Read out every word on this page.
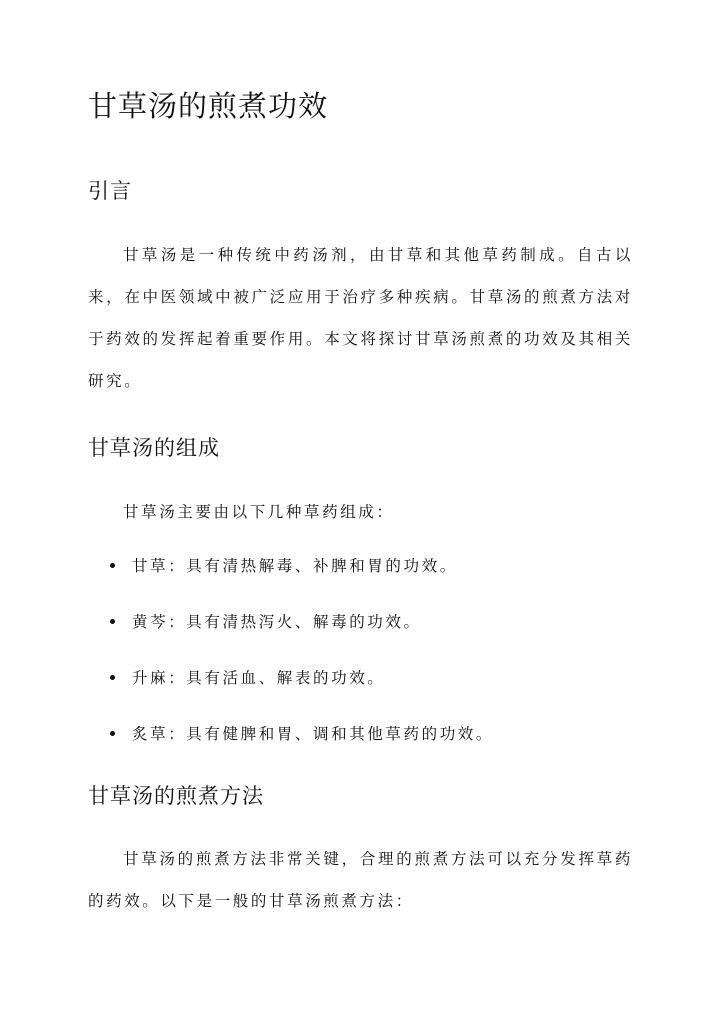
甘草汤的煎煮功效
引言

甘草汤是一种传统中药汤剂，由甘草和其他草药制成。自古以来，在中医领域中被广泛应用于治疗多种疾病。甘草汤的煎煮方法对于药效的发挥起着重要作用。本文将探讨甘草汤煎煮的功效及其相关研究。

甘草汤的组成

甘草汤主要由以下几种草药组成：

甘草：具有清热解毒、补脾和胃的功效。
黄芩：具有清热泻火、解毒的功效。
升麻：具有活血、解表的功效。
炙草：具有健脾和胃、调和其他草药的功效。
甘草汤的煎煮方法

甘草汤的煎煮方法非常关键，合理的煎煮方法可以充分发挥草药的药效。以下是一般的甘草汤煎煮方法：
